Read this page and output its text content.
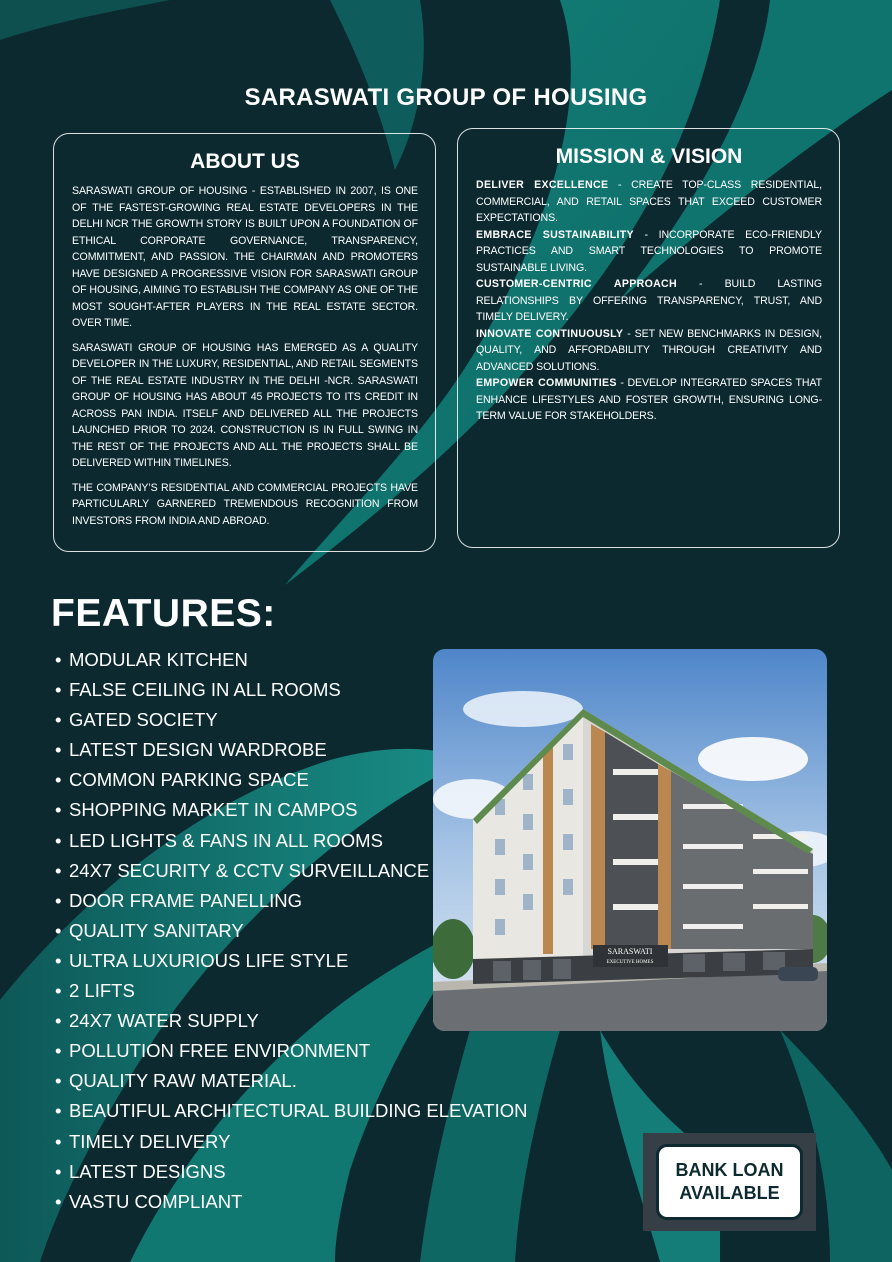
SARASWATI GROUP OF HOUSING
ABOUT US

SARASWATI GROUP OF HOUSING - ESTABLISHED IN 2007, IS ONE OF THE FASTEST-GROWING REAL ESTATE DEVELOPERS IN THE DELHI NCR THE GROWTH STORY IS BUILT UPON A FOUNDATION OF ETHICAL CORPORATE GOVERNANCE, TRANSPARENCY, COMMITMENT, AND PASSION. THE CHAIRMAN AND PROMOTERS HAVE DESIGNED A PROGRESSIVE VISION FOR SARASWATI GROUP OF HOUSING, AIMING TO ESTABLISH THE COMPANY AS ONE OF THE MOST SOUGHT-AFTER PLAYERS IN THE REAL ESTATE SECTOR. OVER TIME.

SARASWATI GROUP OF HOUSING HAS EMERGED AS A QUALITY DEVELOPER IN THE LUXURY, RESIDENTIAL, AND RETAIL SEGMENTS OF THE REAL ESTATE INDUSTRY IN THE DELHI -NCR. SARASWATI GROUP OF HOUSING HAS ABOUT 45 PROJECTS TO ITS CREDIT IN ACROSS PAN INDIA. ITSELF AND DELIVERED ALL THE PROJECTS LAUNCHED PRIOR TO 2024. CONSTRUCTION IS IN FULL SWING IN THE REST OF THE PROJECTS AND ALL THE PROJECTS SHALL BE DELIVERED WITHIN TIMELINES.

THE COMPANY’S RESIDENTIAL AND COMMERCIAL PROJECTS HAVE PARTICULARLY GARNERED TREMENDOUS RECOGNITION FROM INVESTORS FROM INDIA AND ABROAD.

MISSION & VISION
DELIVER EXCELLENCE - CREATE TOP-CLASS RESIDENTIAL, COMMERCIAL, AND RETAIL SPACES THAT EXCEED CUSTOMER EXPECTATIONS.
EMBRACE SUSTAINABILITY - INCORPORATE ECO-FRIENDLY PRACTICES AND SMART TECHNOLOGIES TO PROMOTE SUSTAINABLE LIVING.
CUSTOMER-CENTRIC APPROACH - BUILD LASTING RELATIONSHIPS BY OFFERING TRANSPARENCY, TRUST, AND TIMELY DELIVERY.
INNOVATE CONTINUOUSLY - SET NEW BENCHMARKS IN DESIGN, QUALITY, AND AFFORDABILITY THROUGH CREATIVITY AND ADVANCED SOLUTIONS.
EMPOWER COMMUNITIES - DEVELOP INTEGRATED SPACES THAT ENHANCE LIFESTYLES AND FOSTER GROWTH, ENSURING LONG-TERM VALUE FOR STAKEHOLDERS.
FEATURES:
• MODULAR KITCHEN
• FALSE CEILING IN ALL ROOMS
• GATED SOCIETY
• LATEST DESIGN WARDROBE
• COMMON PARKING SPACE
• SHOPPING MARKET IN CAMPOS
• LED LIGHTS & FANS IN ALL ROOMS
• 24X7 SECURITY & CCTV SURVEILLANCE
• DOOR FRAME PANELLING
• QUALITY SANITARY
• ULTRA LUXURIOUS LIFE STYLE
• 2 LIFTS
• 24X7 WATER SUPPLY
• POLLUTION FREE ENVIRONMENT
• QUALITY RAW MATERIAL.
• BEAUTIFUL ARCHITECTURAL BUILDING ELEVATION
• TIMELY DELIVERY
• LATEST DESIGNS
• VASTU COMPLIANT
SARASWATI
EXECUTIVE HOMES
BANK LOAN
AVAILABLE
